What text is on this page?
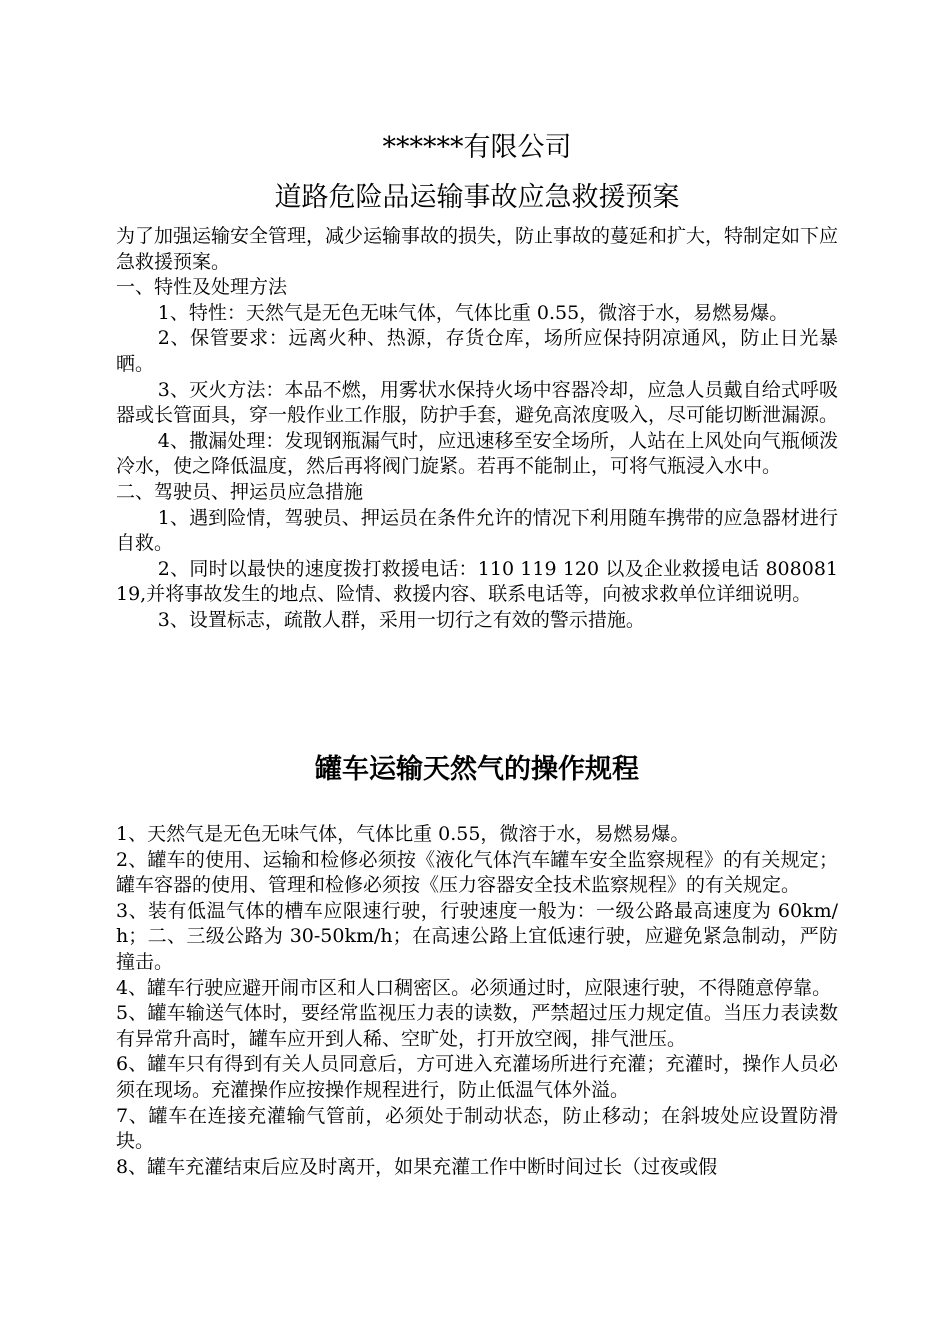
******有限公司
道路危险品运输事故应急救援预案

为了加强运输安全管理，减少运输事故的损失，防止事故的蔓延和扩大，特制定如下应急救援预案。

一、特性及处理方法

1、特性：天然气是无色无味气体，气体比重 0.55，微溶于水，易燃易爆。

2、保管要求：远离火种、热源，存货仓库，场所应保持阴凉通风，防止日光暴晒。

3、灭火方法：本品不燃，用雾状水保持火场中容器冷却，应急人员戴自给式呼吸器或长管面具，穿一般作业工作服，防护手套，避免高浓度吸入，尽可能切断泄漏源。

4、撒漏处理：发现钢瓶漏气时，应迅速移至安全场所，人站在上风处向气瓶倾泼冷水，使之降低温度，然后再将阀门旋紧。若再不能制止，可将气瓶浸入水中。

二、驾驶员、押运员应急措施

1、遇到险情，驾驶员、押运员在条件允许的情况下利用随车携带的应急器材进行自救。

2、同时以最快的速度拨打救援电话：110 119 120 以及企业救援电话 80808119,并将事故发生的地点、险情、救援内容、联系电话等，向被求救单位详细说明。

3、设置标志，疏散人群，采用一切行之有效的警示措施。

罐车运输天然气的操作规程

1、天然气是无色无味气体，气体比重 0.55，微溶于水，易燃易爆。

2、罐车的使用、运输和检修必须按《液化气体汽车罐车安全监察规程》的有关规定；罐车容器的使用、管理和检修必须按《压力容器安全技术监察规程》的有关规定。

3、装有低温气体的槽车应限速行驶，行驶速度一般为：一级公路最高速度为 60km/h；二、三级公路为 30-50km/h；在高速公路上宜低速行驶，应避免紧急制动，严防撞击。

4、罐车行驶应避开闹市区和人口稠密区。必须通过时，应限速行驶，不得随意停靠。

5、罐车输送气体时，要经常监视压力表的读数，严禁超过压力规定值。当压力表读数有异常升高时，罐车应开到人稀、空旷处，打开放空阀，排气泄压。

6、罐车只有得到有关人员同意后，方可进入充灌场所进行充灌；充灌时，操作人员必须在现场。充灌操作应按操作规程进行，防止低温气体外溢。

7、罐车在连接充灌输气管前，必须处于制动状态，防止移动；在斜坡处应设置防滑块。

8、罐车充灌结束后应及时离开，如果充灌工作中断时间过长（过夜或假
